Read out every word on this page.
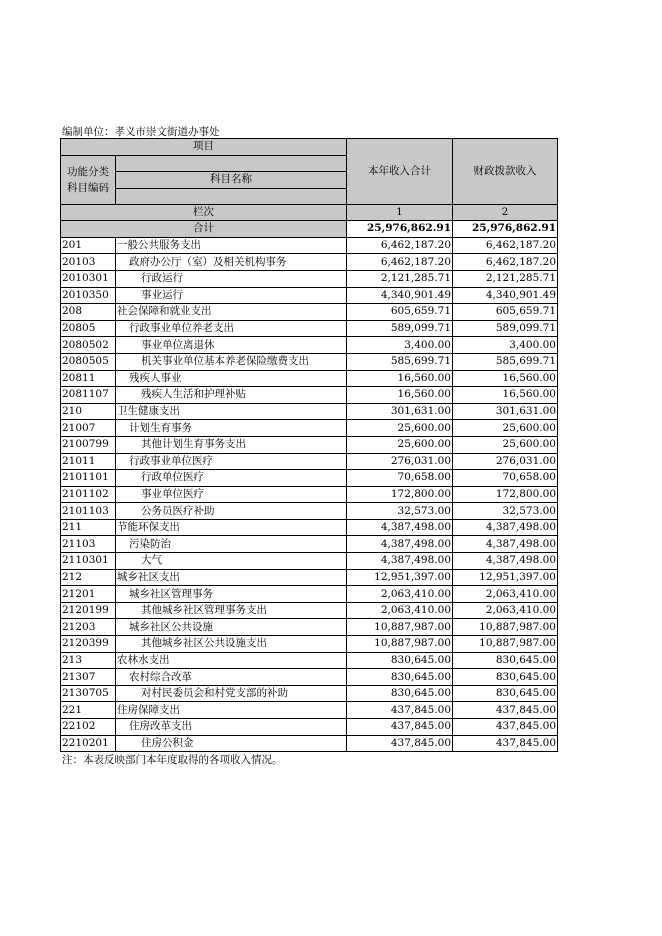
编制单位：孝义市崇文街道办事处
项目		本年收入合计	财政拨款收入
功能分类科目编码			
	科目名称		

栏次		1	2
合计		25,976,862.91	25,976,862.91
201	一般公共服务支出	6,462,187.20	6,462,187.20
20103	政府办公厅（室）及相关机构事务	6,462,187.20	6,462,187.20
2010301	行政运行	2,121,285.71	2,121,285.71
2010350	事业运行	4,340,901.49	4,340,901.49
208	社会保障和就业支出	605,659.71	605,659.71
20805	行政事业单位养老支出	589,099.71	589,099.71
2080502	事业单位离退休	3,400.00	3,400.00
2080505	机关事业单位基本养老保险缴费支出	585,699.71	585,699.71
20811	残疾人事业	16,560.00	16,560.00
2081107	残疾人生活和护理补贴	16,560.00	16,560.00
210	卫生健康支出	301,631.00	301,631.00
21007	计划生育事务	25,600.00	25,600.00
2100799	其他计划生育事务支出	25,600.00	25,600.00
21011	行政事业单位医疗	276,031.00	276,031.00
2101101	行政单位医疗	70,658.00	70,658.00
2101102	事业单位医疗	172,800.00	172,800.00
2101103	公务员医疗补助	32,573.00	32,573.00
211	节能环保支出	4,387,498.00	4,387,498.00
21103	污染防治	4,387,498.00	4,387,498.00
2110301	大气	4,387,498.00	4,387,498.00
212	城乡社区支出	12,951,397.00	12,951,397.00
21201	城乡社区管理事务	2,063,410.00	2,063,410.00
2120199	其他城乡社区管理事务支出	2,063,410.00	2,063,410.00
21203	城乡社区公共设施	10,887,987.00	10,887,987.00
2120399	其他城乡社区公共设施支出	10,887,987.00	10,887,987.00
213	农林水支出	830,645.00	830,645.00
21307	农村综合改革	830,645.00	830,645.00
2130705	对村民委员会和村党支部的补助	830,645.00	830,645.00
221	住房保障支出	437,845.00	437,845.00
22102	住房改革支出	437,845.00	437,845.00
2210201	住房公积金	437,845.00	437,845.00
注：本表反映部门本年度取得的各项收入情况。
